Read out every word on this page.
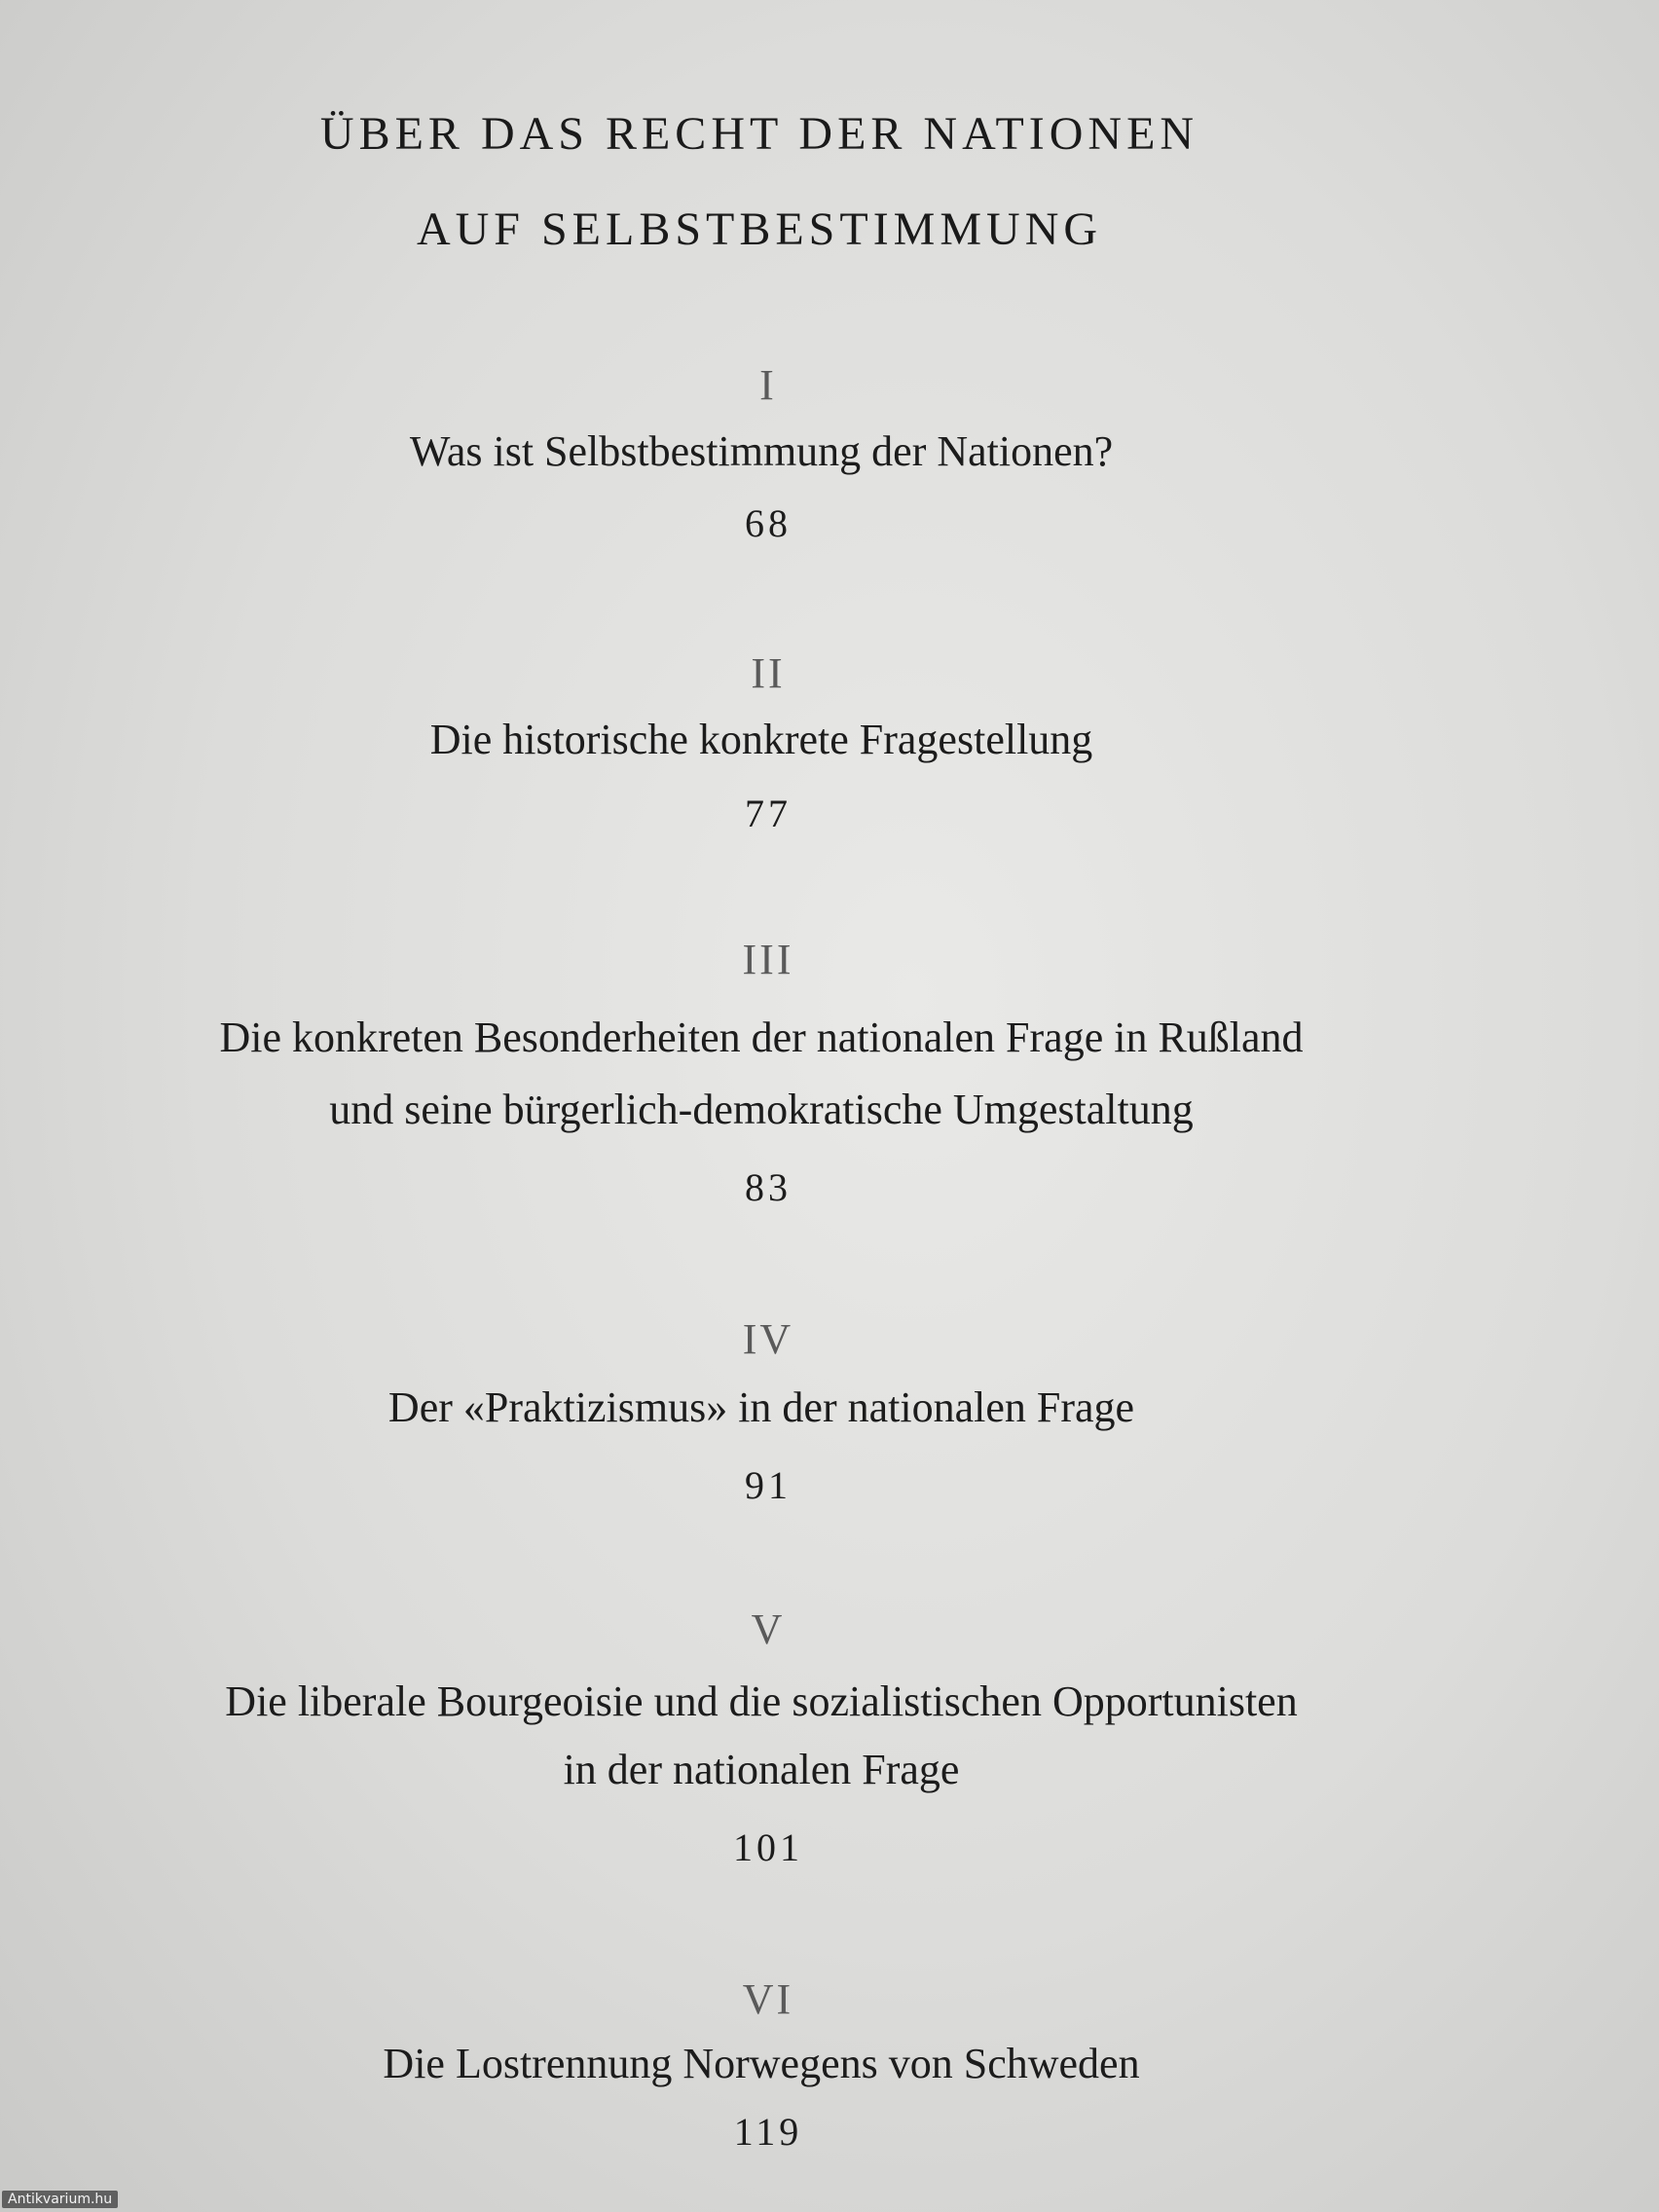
ÜBER DAS RECHT DER NATIONEN
AUF SELBSTBESTIMMUNG
I
Was ist Selbstbestimmung der Nationen?
68
II
Die historische konkrete Fragestellung
77
III
Die konkreten Besonderheiten der nationalen Frage in Rußland
und seine bürgerlich-demokratische Umgestaltung
83
IV
Der «Praktizismus» in der nationalen Frage
91
V
Die liberale Bourgeoisie und die sozialistischen Opportunisten
in der nationalen Frage
101
VI
Die Lostrennung Norwegens von Schweden
119
Antikvarium.hu
